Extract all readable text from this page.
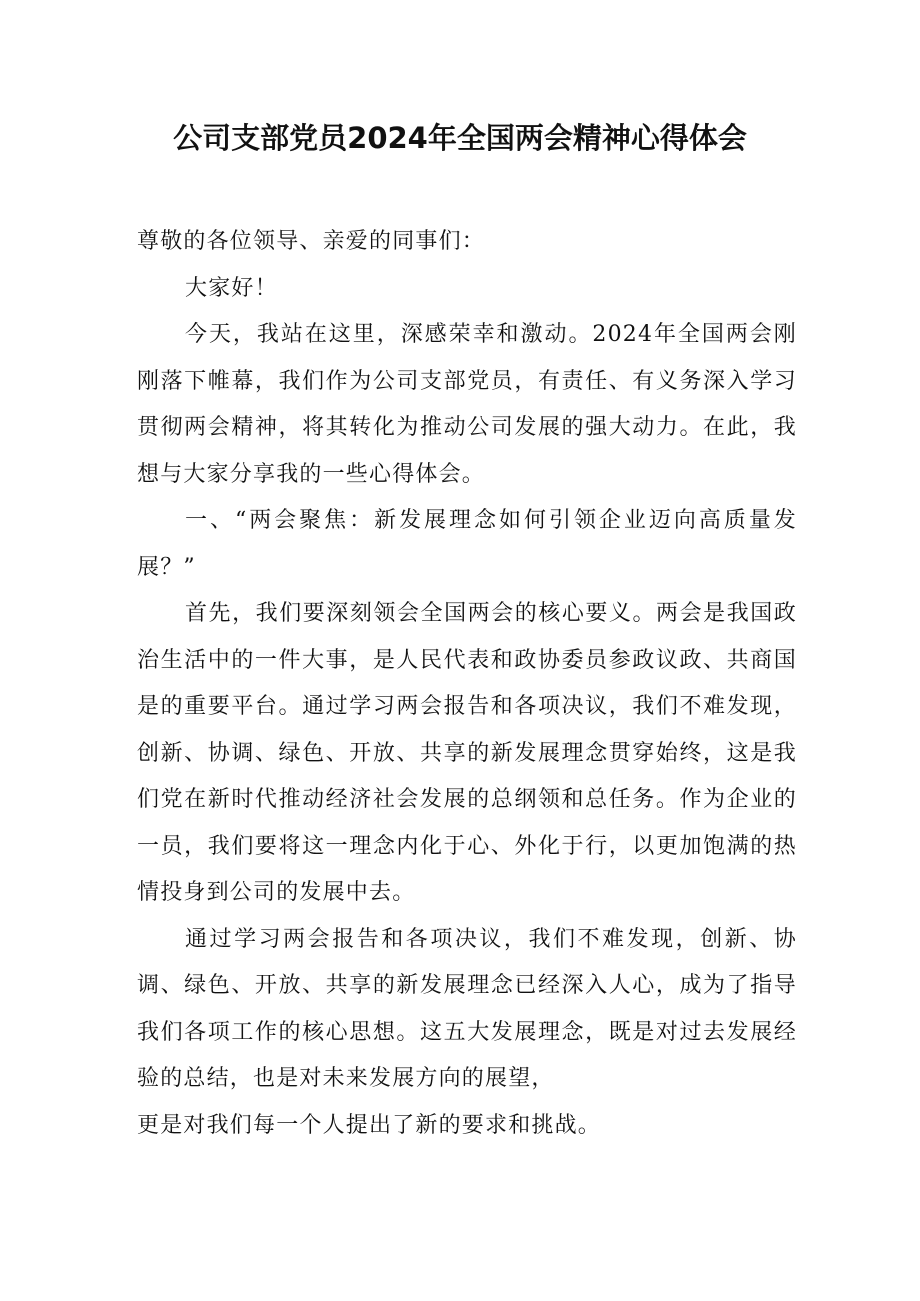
公司支部党员2024年全国两会精神心得体会

尊敬的各位领导、亲爱的同事们：

大家好！

今天，我站在这里，深感荣幸和激动。2024年全国两会刚刚落下帷幕，我们作为公司支部党员，有责任、有义务深入学习贯彻两会精神，将其转化为推动公司发展的强大动力。在此，我想与大家分享我的一些心得体会。

一、“两会聚焦：新发展理念如何引领企业迈向高质量发展？”

首先，我们要深刻领会全国两会的核心要义。两会是我国政治生活中的一件大事，是人民代表和政协委员参政议政、共商国是的重要平台。通过学习两会报告和各项决议，我们不难发现，创新、协调、绿色、开放、共享的新发展理念贯穿始终，这是我们党在新时代推动经济社会发展的总纲领和总任务。作为企业的一员，我们要将这一理念内化于心、外化于行，以更加饱满的热情投身到公司的发展中去。

通过学习两会报告和各项决议，我们不难发现，创新、协调、绿色、开放、共享的新发展理念已经深入人心，成为了指导我们各项工作的核心思想。这五大发展理念，既是对过去发展经验的总结，也是对未来发展方向的展望，

更是对我们每一个人提出了新的要求和挑战。
